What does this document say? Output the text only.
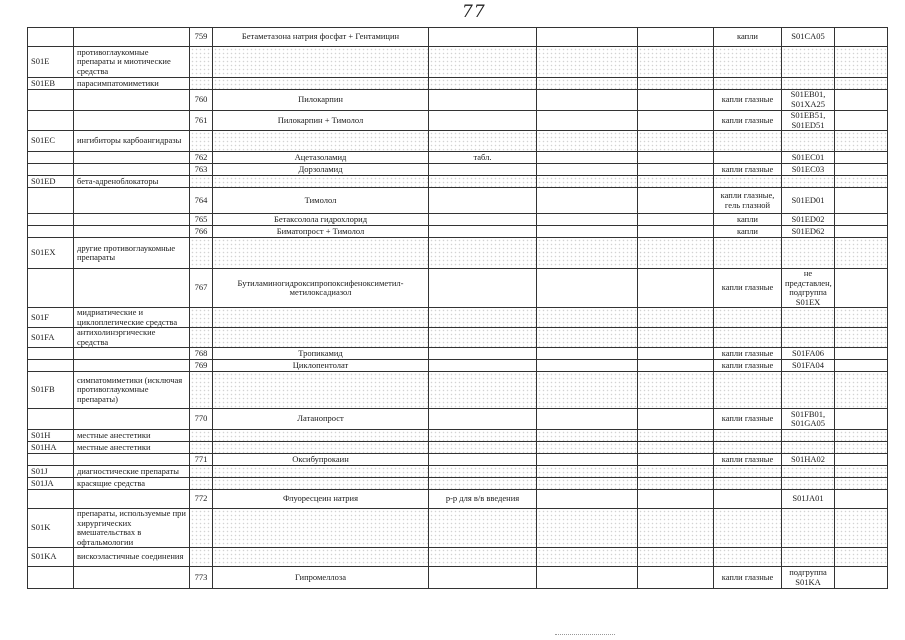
77
		759	Бетаметазона натрия фосфат + Гентамицин				капли	S01CA05	
S01E	противоглаукомные препараты и миотические средства								
S01EB	парасимпатомиметики								
		760	Пилокарпин				капли глазные	S01EB01, S01XA25	
		761	Пилокарпин + Тимолол				капли глазные	S01EB51, S01ED51	
S01EC	ингибиторы карбоангидразы								
		762	Ацетазоламид	табл.				S01EC01	
		763	Дорзоламид				капли глазные	S01EC03	
S01ED	бета-адреноблокаторы								
		764	Тимолол				капли глазные, гель глазной	S01ED01	
		765	Бетаксолола гидрохлорид				капли	S01ED02	
		766	Биматопрост + Тимолол				капли	S01ED62	
S01EX	другие противоглаукомные препараты								
		767	Бутиламиногидроксипропоксифеноксиметил-метилоксадиазол				капли глазные	не представлен, подгруппа S01EX	
S01F	мидриатические и циклоплегические средства								
S01FA	антихолинэргические средства								
		768	Тропикамид				капли глазные	S01FA06	
		769	Циклопентолат				капли глазные	S01FA04	
S01FB	симпатомиметики (исключая противоглаукомные препараты)								
		770	Латанопрост				капли глазные	S01FB01, S01GA05	
S01H	местные анестетики								
S01HA	местные анестетики								
		771	Оксибупрокаин				капли глазные	S01HA02	
S01J	диагностические препараты								
S01JA	красящие средства								
		772	Флуоресцеин натрия	р-р для в/в введения				S01JA01	
S01K	препараты, используемые при хирургических вмешательствах в офтальмологии								
S01KA	вискоэластичные соединения								
		773	Гипромеллоза				капли глазные	подгруппа S01KA	
